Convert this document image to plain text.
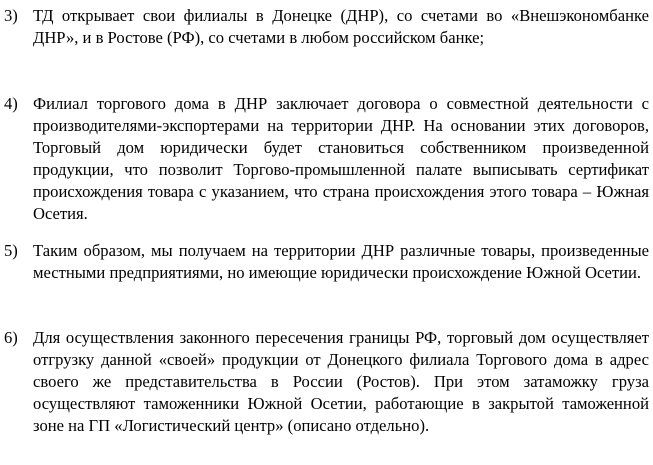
3) ТД открывает свои филиалы в Донецке (ДНР), со счетами во «Внешэкономбанке ДНР», и в Ростове (РФ), со счетами в любом российском банке;
4) Филиал торгового дома в ДНР заключает договора о совместной деятельности с производителями-экспортерами на территории ДНР. На основании этих договоров, Торговый дом юридически будет становиться собственником произведенной продукции, что позволит Торгово-промышленной палате выписывать сертификат происхождения товара с указанием, что страна происхождения этого товара – Южная Осетия.
5) Таким образом, мы получаем на территории ДНР различные товары, произведенные местными предприятиями, но имеющие юридически происхождение Южной Осетии.
6) Для осуществления законного пересечения границы РФ, торговый дом осуществляет отгрузку данной «своей» продукции от Донецкого филиала Торгового дома в адрес своего же представительства в России (Ростов). При этом затаможку груза осуществляют таможенники Южной Осетии, работающие в закрытой таможенной зоне на ГП «Логистический центр» (описано отдельно).
